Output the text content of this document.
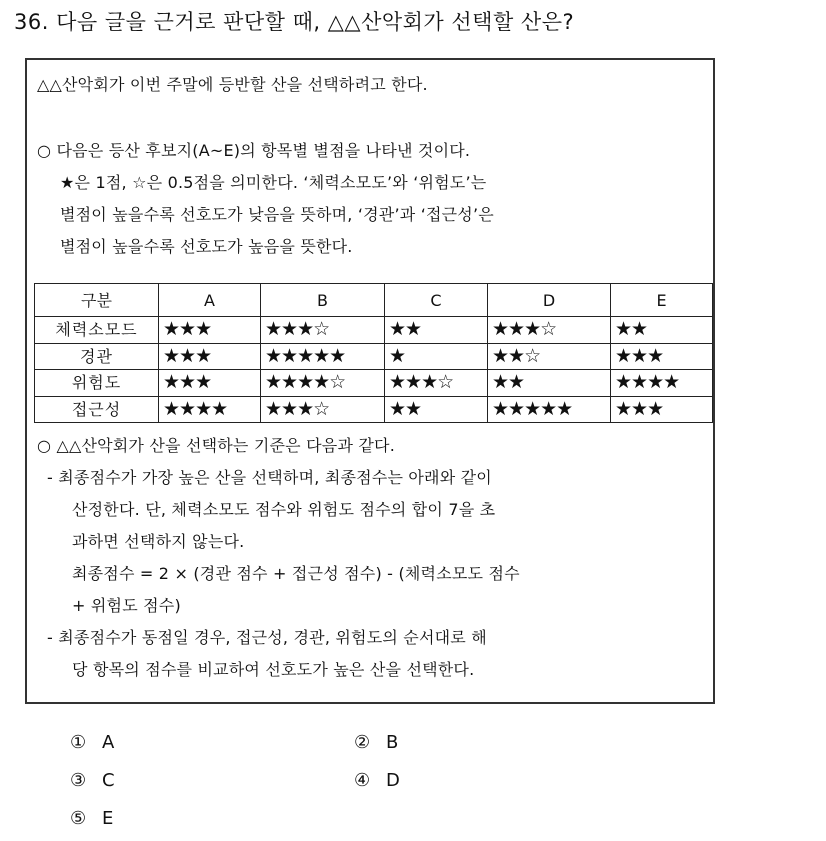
36. 다음 글을 근거로 판단할 때, △△산악회가 선택할 산은?
△△산악회가 이번 주말에 등반할 산을 선택하려고 한다.
○ 다음은 등산 후보지(A~E)의 항목별 별점을 나타낸 것이다.
★은 1점, ☆은 0.5점을 의미한다. ‘체력소모도’와 ‘위험도’는
별점이 높을수록 선호도가 낮음을 뜻하며, ‘경관’과 ‘접근성’은
별점이 높을수록 선호도가 높음을 뜻한다.
구분	A	B	C	D	E
체력소모드	★★★	★★★☆	★★	★★★☆	★★
경관	★★★	★★★★★	★	★★☆	★★★
위험도	★★★	★★★★☆	★★★☆	★★	★★★★
접근성	★★★★	★★★☆	★★	★★★★★	★★★
○ △△산악회가 산을 선택하는 기준은 다음과 같다.
- 최종점수가 가장 높은 산을 선택하며, 최종점수는 아래와 같이
산정한다. 단, 체력소모도 점수와 위험도 점수의 합이 7을 초
과하면 선택하지 않는다.
최종점수 = 2 × (경관 점수 + 접근성 점수) - (체력소모도 점수
+ 위험도 점수)
- 최종점수가 동점일 경우, 접근성, 경관, 위험도의 순서대로 해
당 항목의 점수를 비교하여 선호도가 높은 산을 선택한다.
① A	② B
③ C	④ D
⑤ E
